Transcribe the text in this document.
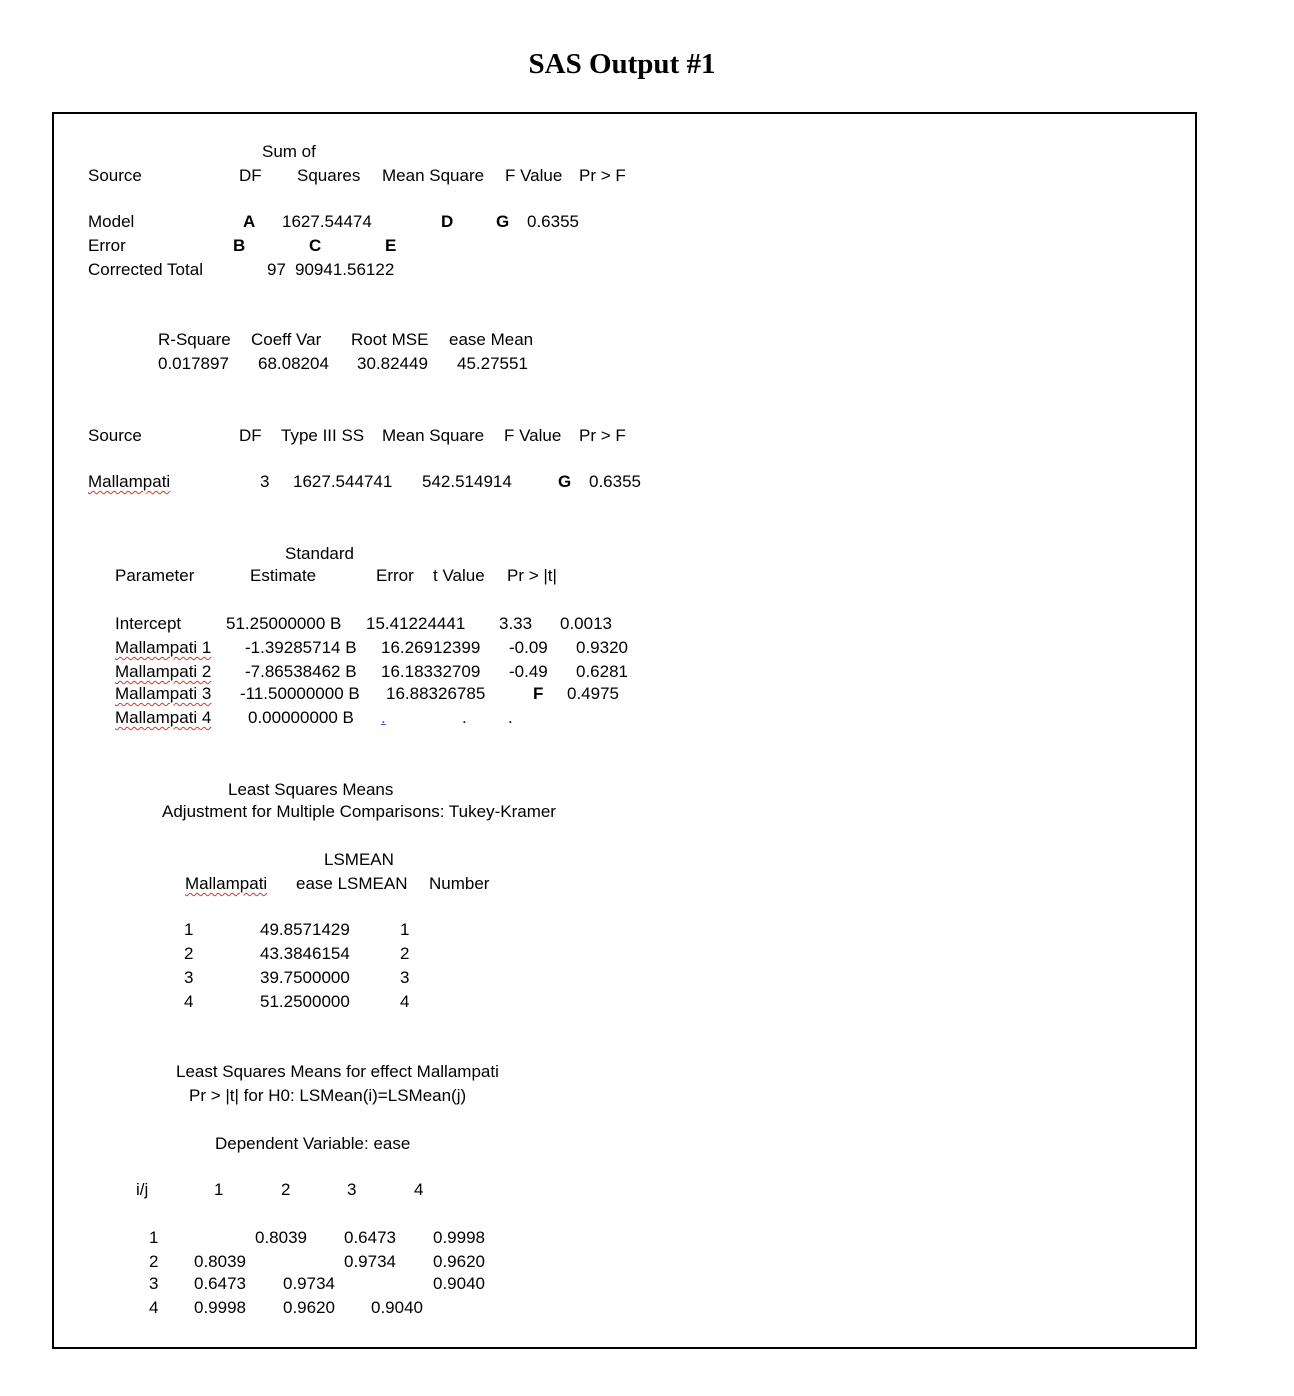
SAS Output #1
Sum of
Source	DF Squares Mean Square F Value Pr > F
Model	A 1627.54474	D	G 0.6355
Error	B	C	E
Corrected Total	97 90941.56122
R-Square Coeff Var Root MSE ease Mean
0.017897 68.08204 30.82449 45.27551
Source	DF Type III SS Mean Square F Value Pr > F
Mallampati	3 1627.544741 542.514914	G 0.6355
Standard
Parameter	Estimate	Error t Value Pr > |t|
Intercept	51.25000000 B 15.41224441 3.33 0.0013
Mallampati 1 -1.39285714 B 16.26912399 -0.09 0.9320
Mallampati 2 -7.86538462 B 16.18332709 -0.49 0.6281
Mallampati 3 -11.50000000 B 16.88326785	F 0.4975
Mallampati 4 0.00000000 B .	. .
Least Squares Means
Adjustment for Multiple Comparisons: Tukey-Kramer
LSMEAN
Mallampati ease LSMEAN Number
1	49.8571429	1
2	43.3846154	2
3	39.7500000	3
4	51.2500000	4
Least Squares Means for effect Mallampati
Pr > |t| for H0: LSMean(i)=LSMean(j)
Dependent Variable: ease
i/j	1	2	3	4
1	0.8039 0.6473 0.9998
2 0.8039	0.9734 0.9620
3 0.6473 0.9734	0.9040
4 0.9998 0.9620 0.9040
